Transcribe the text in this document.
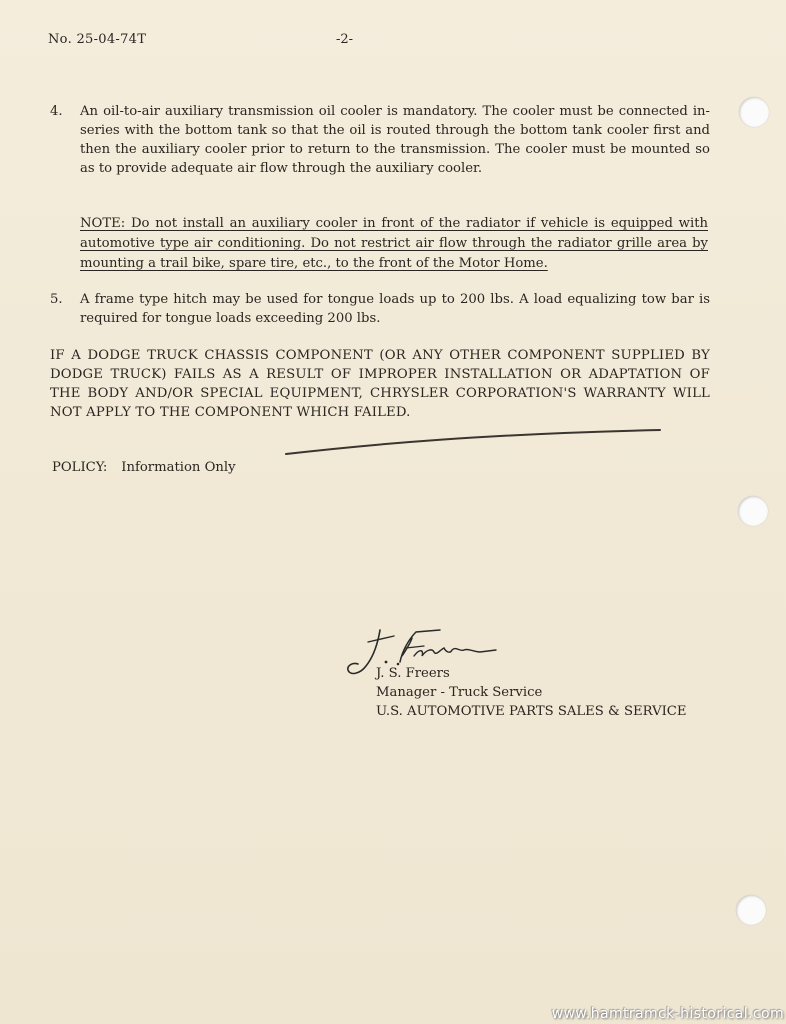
No. 25-04-74T	-2-
4. An oil-to-air auxiliary transmission oil cooler is mandatory. The cooler must be connected in-series with the bottom tank so that the oil is routed through the bottom tank cooler first and then the auxiliary cooler prior to return to the transmission. The cooler must be mounted so as to provide adequate air flow through the auxiliary cooler.
NOTE: Do not install an auxiliary cooler in front of the radiator if vehicle is equipped with automotive type air conditioning. Do not restrict air flow through the radiator grille area by mounting a trail bike, spare tire, etc., to the front of the Motor Home.
5. A frame type hitch may be used for tongue loads up to 200 lbs. A load equalizing tow bar is required for tongue loads exceeding 200 lbs.
IF A DODGE TRUCK CHASSIS COMPONENT (OR ANY OTHER COMPONENT SUPPLIED BY DODGE TRUCK) FAILS AS A RESULT OF IMPROPER INSTALLATION OR ADAPTATION OF THE BODY AND/OR SPECIAL EQUIPMENT, CHRYSLER CORPORATION'S WARRANTY WILL NOT APPLY TO THE COMPONENT WHICH FAILED.
POLICY: Information Only
J. S. Freers
Manager - Truck Service
U.S. AUTOMOTIVE PARTS SALES & SERVICE
www.hamtramck-historical.com
